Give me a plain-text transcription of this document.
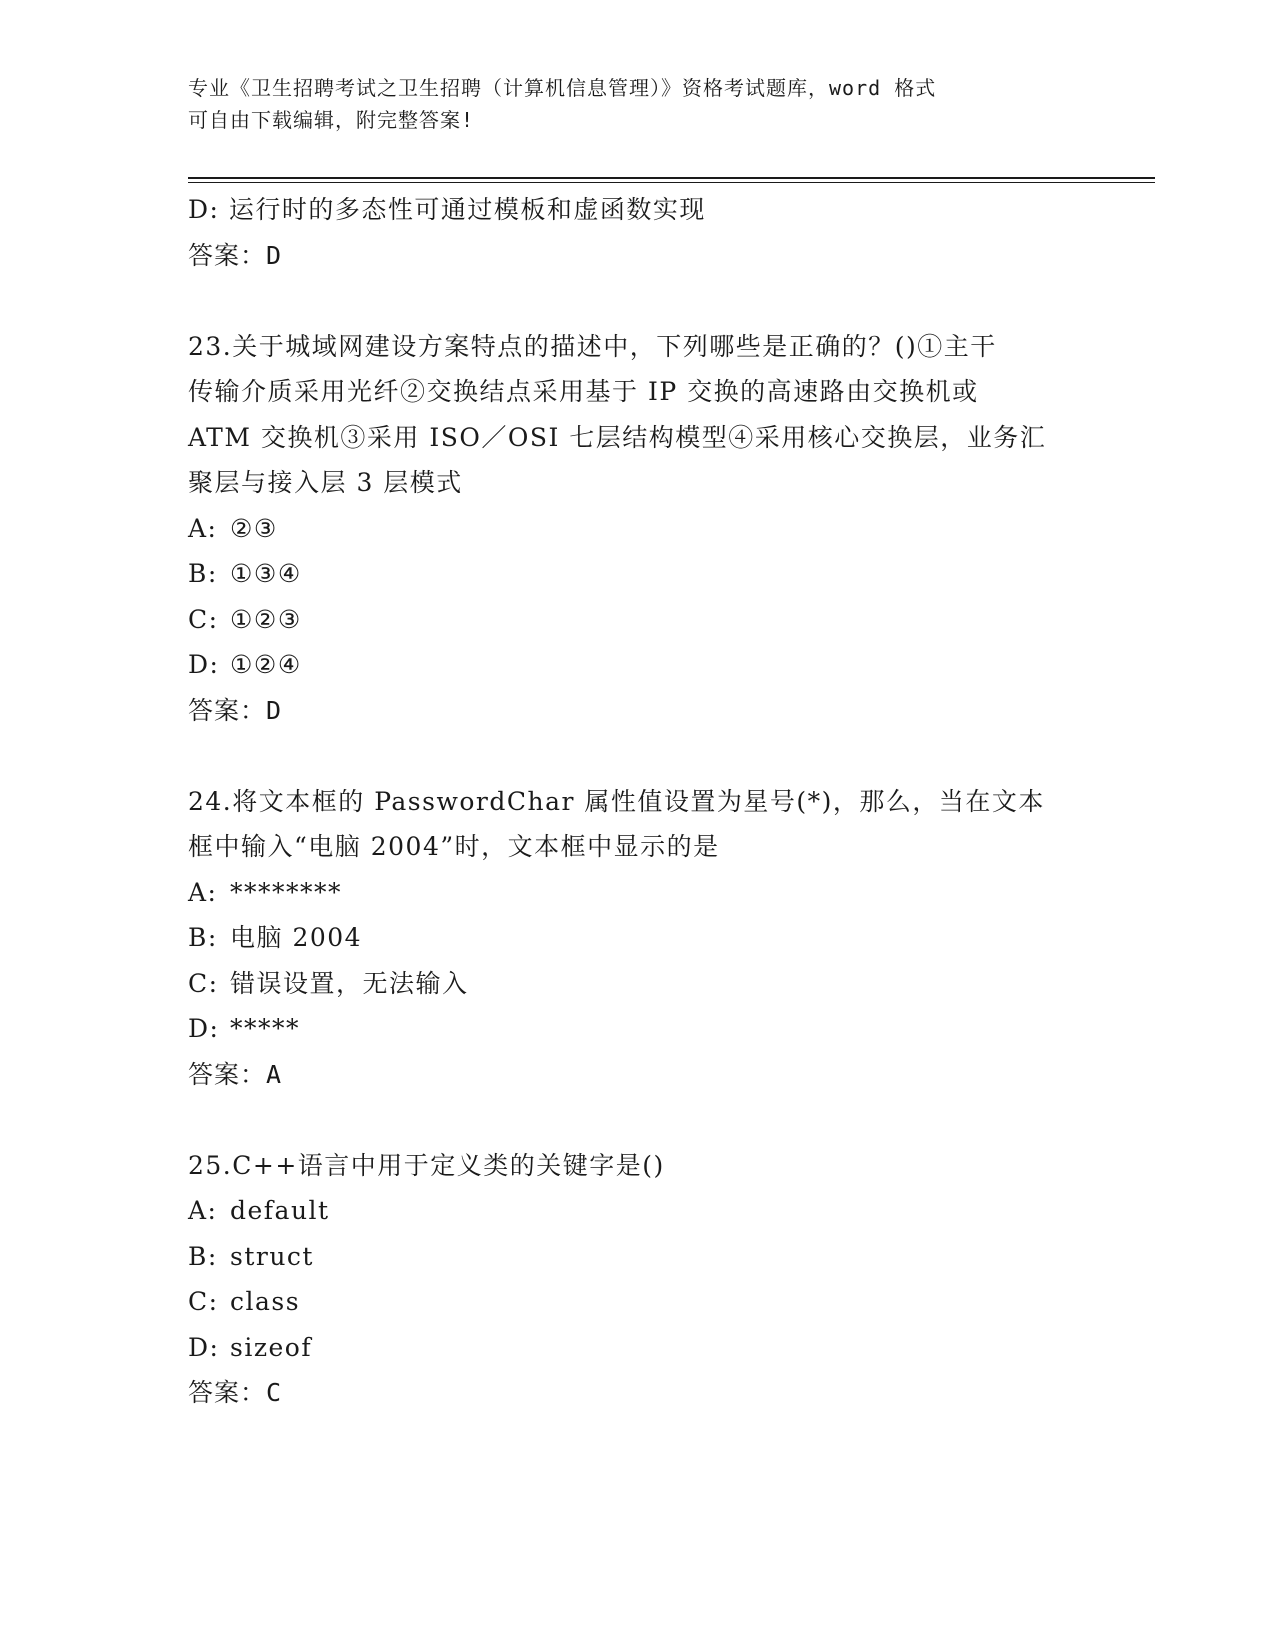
专业《卫生招聘考试之卫生招聘（计算机信息管理）》资格考试题库，word 格式
可自由下载编辑，附完整答案!
D: 运行时的多态性可通过模板和虚函数实现
答案：D
23.关于城域网建设方案特点的描述中，下列哪些是正确的？()①主干
传输介质采用光纤②交换结点采用基于 IP 交换的高速路由交换机或
ATM 交换机③采用 ISO／OSI 七层结构模型④采用核心交换层，业务汇
聚层与接入层 3 层模式
A: ②③
B: ①③④
C: ①②③
D: ①②④
答案：D
24.将文本框的 PasswordChar 属性值设置为星号(*)，那么，当在文本
框中输入“电脑 2004”时，文本框中显示的是
A: ********
B: 电脑 2004
C: 错误设置，无法输入
D: *****
答案：A
25.C++语言中用于定义类的关键字是()
A: default
B: struct
C: class
D: sizeof
答案：C
